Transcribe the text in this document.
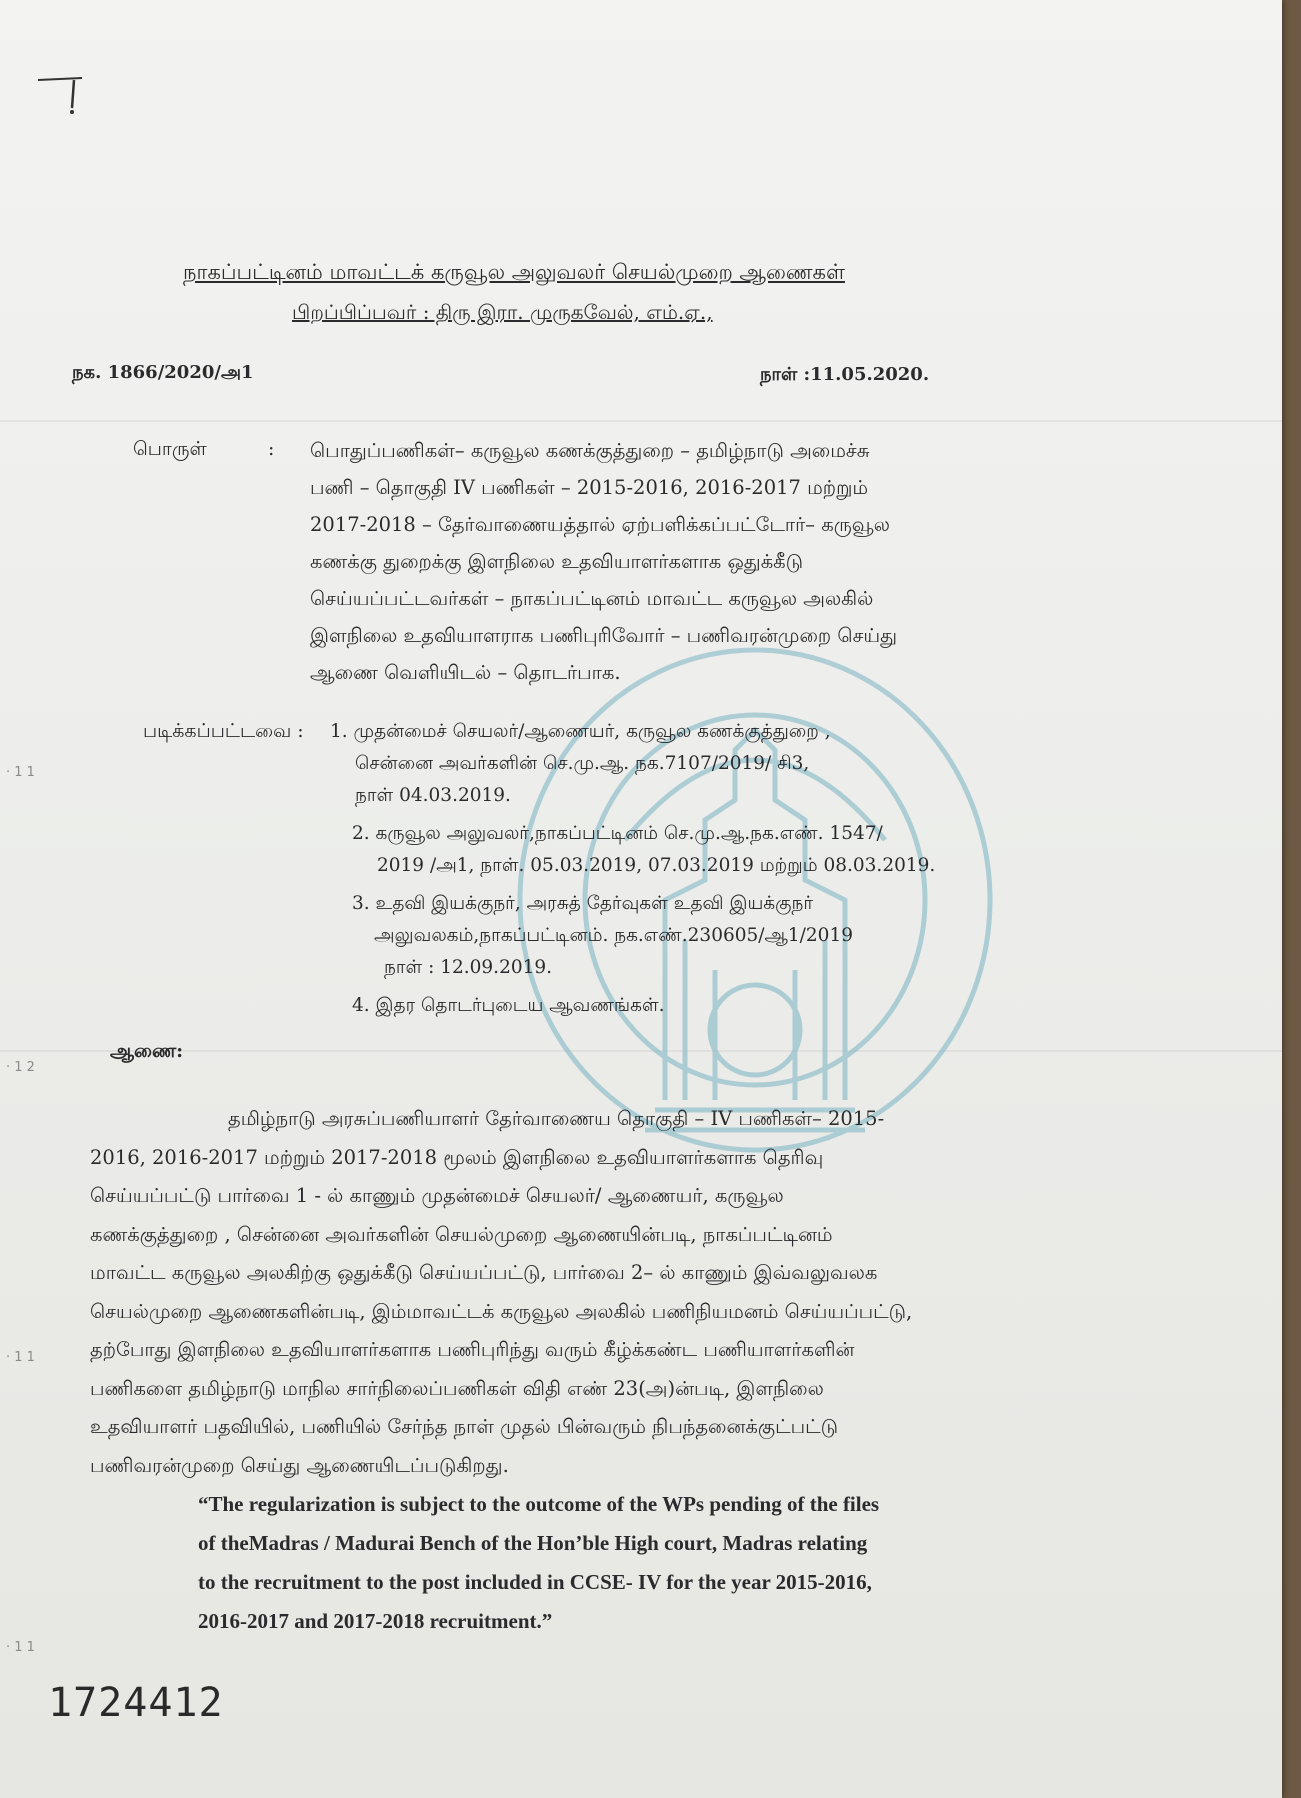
· 1 1
· 1 2
· 1 1
· 1 1
நாகப்பட்டினம் மாவட்டக் கருவூல அலுவலர் செயல்முறை ஆணைகள்
பிறப்பிப்பவர் : திரு இரா. முருகவேல், எம்.ஏ.,
நக. 1866/2020/அ1	நாள் :11.05.2020.
பொருள்	: பொதுப்பணிகள்– கருவூல கணக்குத்துறை – தமிழ்நாடு அமைச்சு
பணி – தொகுதி IV பணிகள் – 2015-2016, 2016-2017 மற்றும்
2017-2018 – தேர்வாணையத்தால் ஏற்பளிக்கப்பட்டோர்– கருவூல
கணக்கு துறைக்கு இளநிலை உதவியாளர்களாக ஒதுக்கீடு
செய்யப்பட்டவர்கள் – நாகப்பட்டினம் மாவட்ட கருவூல அலகில்
இளநிலை உதவியாளராக பணிபுரிவோர் – பணிவரன்முறை செய்து
ஆணை வெளியிடல் – தொடர்பாக.
படிக்கப்பட்டவை : 1. முதன்மைச் செயலர்/ஆணையர், கருவூல கணக்குத்துறை ,
சென்னை அவர்களின் செ.மு.ஆ. நக.7107/2019/ சி3,
நாள் 04.03.2019.
2. கருவூல அலுவலர்,நாகப்பட்டினம் செ.மு.ஆ.நக.எண். 1547/
2019 /அ1, நாள். 05.03.2019, 07.03.2019 மற்றும் 08.03.2019.
3. உதவி இயக்குநர், அரசுத் தேர்வுகள் உதவி இயக்குநர்
அலுவலகம்,நாகப்பட்டினம். நக.எண்.230605/ஆ1/2019
நாள் : 12.09.2019.
4. இதர தொடர்புடைய ஆவணங்கள்.
ஆணை:
தமிழ்நாடு அரசுப்பணியாளர் தேர்வாணைய தொகுதி – IV பணிகள்– 2015-
2016, 2016-2017 மற்றும் 2017-2018 மூலம் இளநிலை உதவியாளர்களாக தெரிவு
செய்யப்பட்டு பார்வை 1 - ல் காணும் முதன்மைச் செயலர்/ ஆணையர், கருவூல
கணக்குத்துறை , சென்னை அவர்களின் செயல்முறை ஆணையின்படி, நாகப்பட்டினம்
மாவட்ட கருவூல அலகிற்கு ஒதுக்கீடு செய்யப்பட்டு, பார்வை 2– ல் காணும் இவ்வலுவலக
செயல்முறை ஆணைகளின்படி, இம்மாவட்டக் கருவூல அலகில் பணிநியமனம் செய்யப்பட்டு,
தற்போது இளநிலை உதவியாளர்களாக பணிபுரிந்து வரும் கீழ்க்கண்ட பணியாளர்களின்
பணிகளை தமிழ்நாடு மாநில சார்நிலைப்பணிகள் விதி எண் 23(அ)ன்படி, இளநிலை
உதவியாளர் பதவியில், பணியில் சேர்ந்த நாள் முதல் பின்வரும் நிபந்தனைக்குட்பட்டு
பணிவரன்முறை செய்து ஆணையிடப்படுகிறது.
“The regularization is subject to the outcome of the WPs pending of the files
of theMadras / Madurai Bench of the Hon’ble High court, Madras relating
to the recruitment to the post included in CCSE- IV for the year 2015-2016,
2016-2017 and 2017-2018 recruitment.”
1724412
